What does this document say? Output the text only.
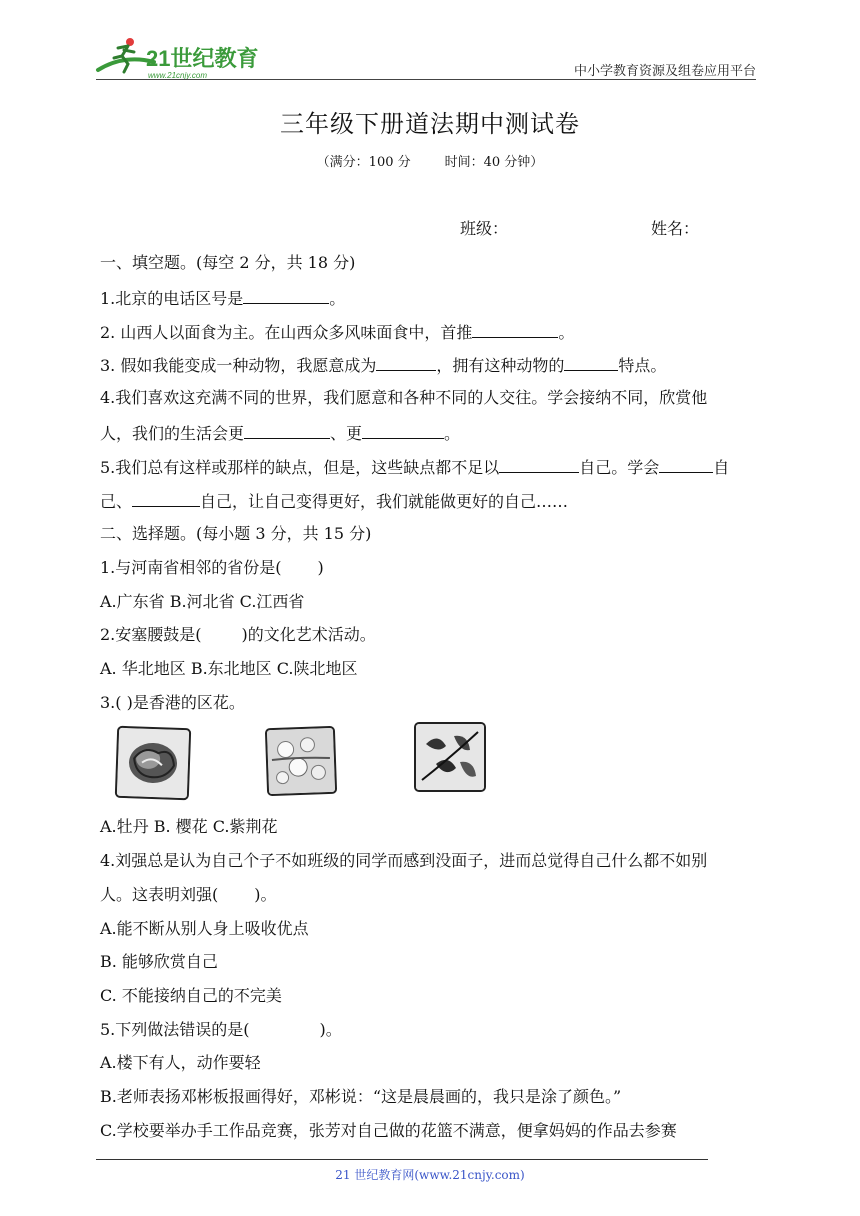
21世纪教育
www.21cnjy.com	中小学教育资源及组卷应用平台
三年级下册道法期中测试卷
（满分：100 分	时间：40 分钟）
班级：	姓名：
一、填空题。(每空 2 分，共 18 分)
1.北京的电话区号是	。
2. 山西人以面食为主。在山西众多风味面食中，首推	。
3. 假如我能变成一种动物，我愿意成为	，拥有这种动物的	特点。
4.我们喜欢这充满不同的世界，我们愿意和各种不同的人交往。学会接纳不同，欣赏他
人，我们的生活会更	、更	。
5.我们总有这样或那样的缺点，但是，这些缺点都不足以	自己。学会	自
己、	自己，让自己变得更好，我们就能做更好的自己……
二、选择题。(每小题 3 分，共 15 分)
1.与河南省相邻的省份是( )
A.广东省 B.河北省 C.江西省
2.安塞腰鼓是(	)的文化艺术活动。
A. 华北地区 B.东北地区 C.陕北地区
3.( )是香港的区花。
A.牡丹 B. 樱花 C.紫荆花
4.刘强总是认为自己个子不如班级的同学而感到没面子，进而总觉得自己什么都不如别
人。这表明刘强( )。
A.能不断从别人身上吸收优点
B. 能够欣赏自己
C. 不能接纳自己的不完美
5.下列做法错误的是(	)。
A.楼下有人，动作要轻
B.老师表扬邓彬板报画得好，邓彬说：“这是晨晨画的，我只是涂了颜色。”
C.学校要举办手工作品竞赛，张芳对自己做的花篮不满意，便拿妈妈的作品去参赛
21 世纪教育网(www.21cnjy.com)
